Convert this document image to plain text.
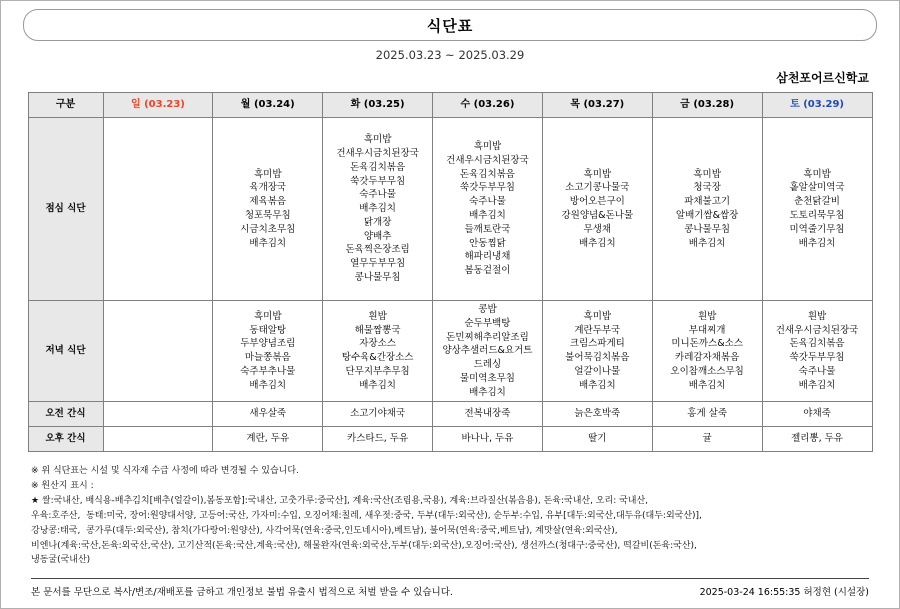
식단표
2025.03.23 ~ 2025.03.29
삼천포어르신학교
구분	일 (03.23)	월 (03.24)	화 (03.25)	수 (03.26)	목 (03.27)	금 (03.28)	토 (03.29)
점심 식단		흑미밥
육개장국
제육볶음
청포묵무침
시금치초무침
배추김치	흑미밥
건새우시금치된장국
돈육김치볶음
쑥갓두부무침
숙주나물
배추김치
닭개장
양배추
돈육찍은장조림
열무두부무침
콩나물무침	흑미밥
건새우시금치된장국
돈육김치볶음
쑥갓두부무침
숙주나물
배추김치
들깨토란국
안동찜닭
해파리냉채
봄동겉절이	흑미밥
소고기콩나물국
방어오븐구이
강원양념&돈나물
무생채
배추김치	흑미밥
청국장
파채불고기
알배기쌈&쌈장
콩나물무침
배추김치	흑미밥
홑알살미역국
춘천닭갈비
도토리묵무침
미역줄기무침
배추김치
저녁 식단		흑미밥
동태알탕
두부양념조림
마늘쫑볶음
숙주부추나물
배추김치	흰밥
해물짬뽕국
자장소스
탕수육&간장소스
단무지부추무침
배추김치	콩밥
순두부백탕
돈민찌해추리알조림
양상추샐러드&요거트
드레싱
물미역초무침
배추김치	흑미밥
계란두부국
크림스파게티
불어묵김치볶음
얼갈이나물
배추김치	흰밥
부대찌개
미니돈까스&소스
카레감자채볶음
오이참깨소스무침
배추김치	흰밥
건새우시금치된장국
돈육김치볶음
쑥갓두부무침
숙주나물
배추김치
오전 간식		새우살죽	소고기야채국	전복내장죽	늙은호박죽	홍게 살죽	야채죽
오후 간식		계란, 두유	카스타드, 두유	바나나, 두유	딸기	귤	젤리뽕, 두유
※ 위 식단표는 시설 및 식자재 수급 사정에 따라 변경될 수 있습니다.
※ 원산지 표시 :
★ 쌀:국내산, 배식용-배추김치[배추(얼갈이),봄동포함]:국내산, 고춧가루:중국산], 계육:국산(조림용,국용), 계육:브라질산(볶음용), 돈육:국내산, 오리: 국내산,
우육:호주산,  동태:미국, 장어:원양대서양, 고등어:국산, 가자미:수입, 오징어채:칠레, 새우젓:중국, 두부(대두:외국산), 순두부:수입, 유부[대두:외국산,대두유(대두:외국산)],
강낭콩:태국,  콩가루(대두:외국산), 참치(가다랑어:원양산), 사각어묵(연육:중국,인도네시아),베트남), 불어묵(연육:중국,베트남), 계맛살(연육:외국산),
비엔나(계육:국산,돈육:외국산,국산), 고기산적(돈육:국산,계육:국산), 해물완자(연육:외국산,두부(대두:외국산),오징어:국산), 생선까스(청대구:중국산), 떡갈비(돈육:국산),
냉동굴(국내산)
본 문서를 무단으로 복사/변조/재배포를 금하고 개인정보 불법 유출시 법적으로 처벌 받을 수 있습니다.	2025-03-24 16:55:35 허정현 (시설장)
